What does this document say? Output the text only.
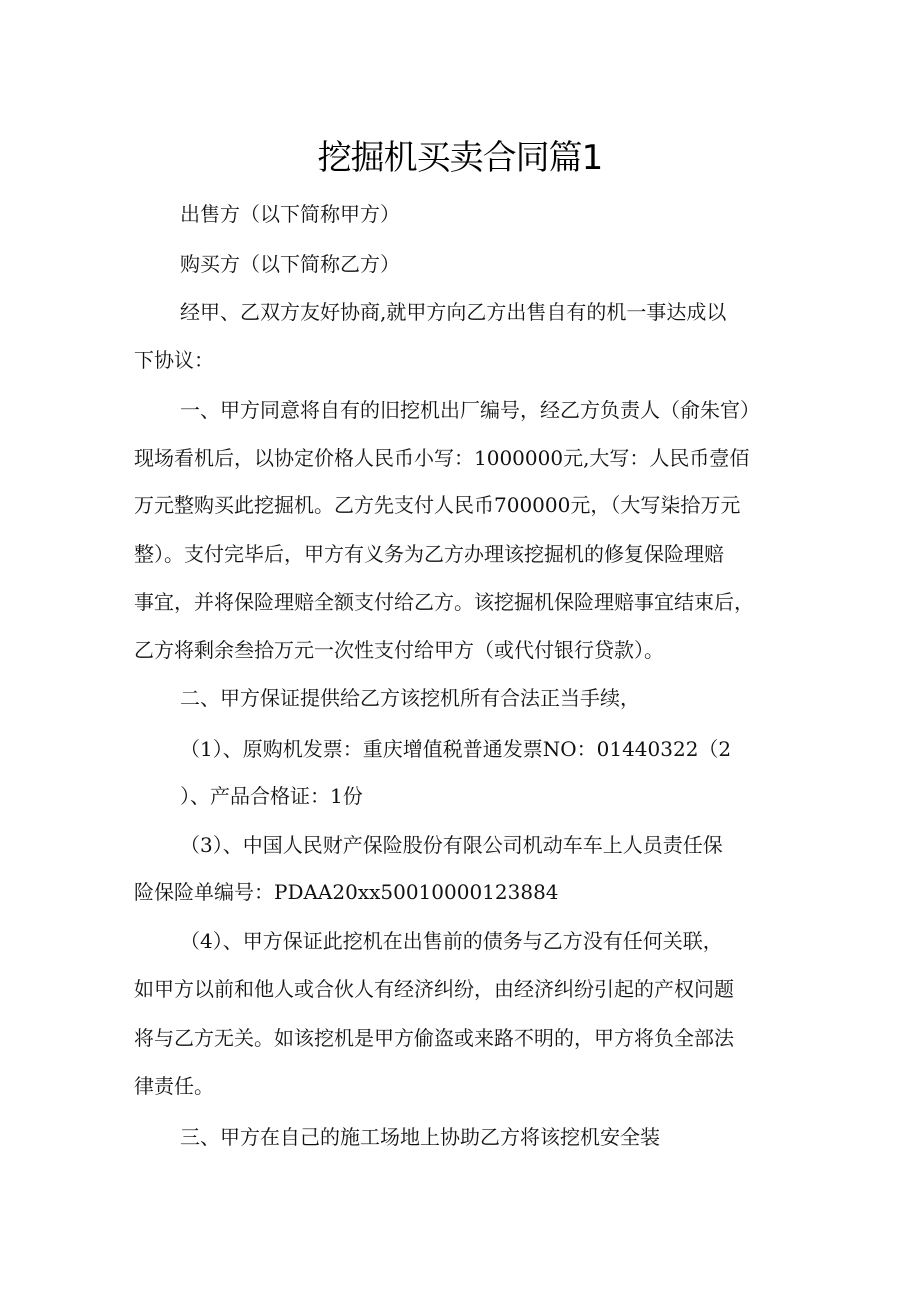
挖掘机买卖合同篇1
出售方（以下简称甲方）
购买方（以下简称乙方）
经甲、乙双方友好协商,就甲方向乙方出售自有的机一事达成以
下协议：
一、甲方同意将自有的旧挖机出厂编号，经乙方负责人（俞朱官）
现场看机后，以协定价格人民币小写：1000000元,大写：人民币壹佰
万元整购买此挖掘机。乙方先支付人民币700000元，（大写柒拾万元
整）。支付完毕后，甲方有义务为乙方办理该挖掘机的修复保险理赔
事宜，并将保险理赔全额支付给乙方。该挖掘机保险理赔事宜结束后，
乙方将剩余叁拾万元一次性支付给甲方（或代付银行贷款）。
二、甲方保证提供给乙方该挖机所有合法正当手续，
（1）、原购机发票：重庆增值税普通发票NO：01440322（2
）、产品合格证：1份
（3）、中国人民财产保险股份有限公司机动车车上人员责任保
险保险单编号：PDAA20xx50010000123884
（4）、甲方保证此挖机在出售前的债务与乙方没有任何关联，
如甲方以前和他人或合伙人有经济纠纷，由经济纠纷引起的产权问题
将与乙方无关。如该挖机是甲方偷盗或来路不明的，甲方将负全部法
律责任。
三、甲方在自己的施工场地上协助乙方将该挖机安全装
